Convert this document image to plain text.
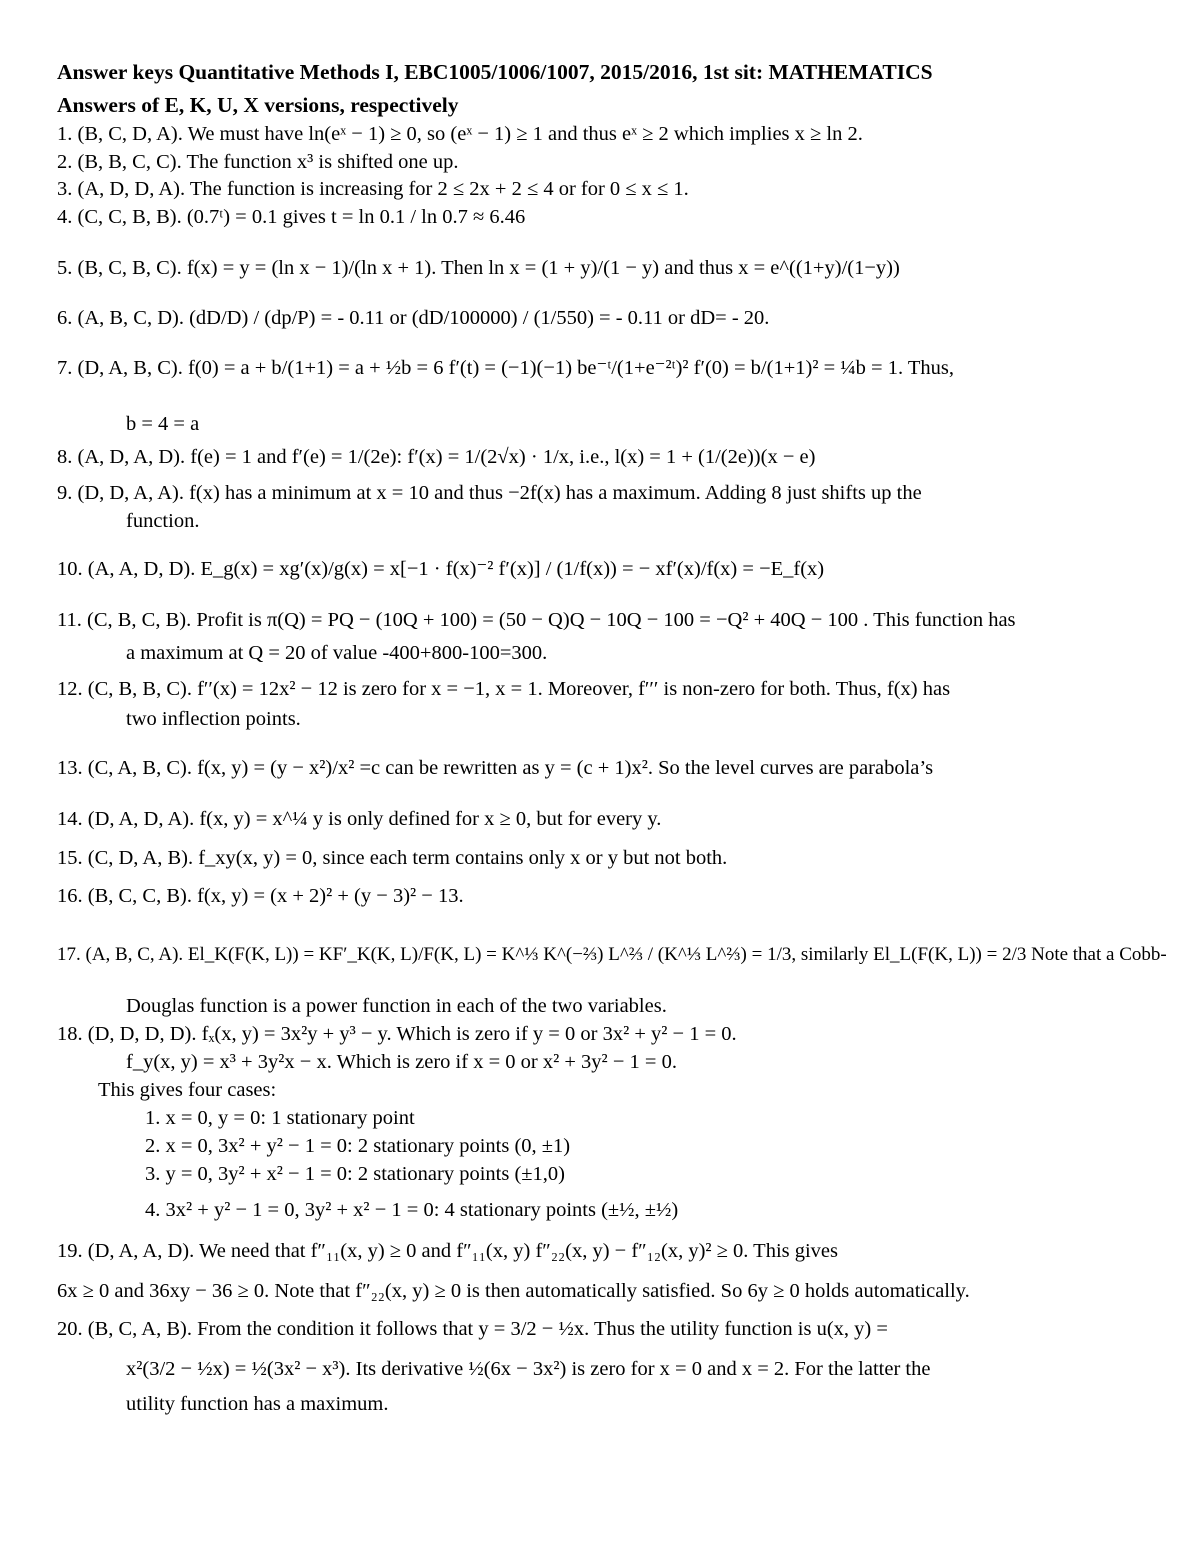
Answer keys Quantitative Methods I, EBC1005/1006/1007, 2015/2016, 1st sit: MATHEMATICS
Answers of E, K, U, X versions, respectively
1. (B, C, D, A). We must have ln(eˣ − 1) ≥ 0, so (eˣ − 1) ≥ 1 and thus eˣ ≥ 2 which implies x ≥ ln 2.
2. (B, B, C, C). The function x³ is shifted one up.
3. (A, D, D, A). The function is increasing for 2 ≤ 2x + 2 ≤ 4 or for 0 ≤ x ≤ 1.
4. (C, C, B, B). (0.7ᵗ) = 0.1 gives t = ln 0.1 / ln 0.7 ≈ 6.46
5. (B, C, B, C). f(x) = y = (ln x − 1)/(ln x + 1). Then ln x = (1 + y)/(1 − y) and thus x = e^((1+y)/(1−y))
6. (A, B, C, D). (dD/D) / (dp/P) = - 0.11 or (dD/100000) / (1/550) = - 0.11 or dD= - 20.
7. (D, A, B, C). f(0) = a + b/(1+1) = a + ½b = 6 f′(t) = (−1)(−1) be⁻ᵗ/(1+e⁻²ᵗ)² f′(0) = b/(1+1)² = ¼b = 1. Thus,
b = 4 = a
8. (A, D, A, D). f(e) = 1 and f′(e) = 1/(2e): f′(x) = 1/(2√x) · 1/x, i.e., l(x) = 1 + (1/(2e))(x − e)
9. (D, D, A, A). f(x) has a minimum at x = 10 and thus −2f(x) has a maximum. Adding 8 just shifts up the
function.
10. (A, A, D, D). E_g(x) = xg′(x)/g(x) = x[−1 · f(x)⁻² f′(x)] / (1/f(x)) = − xf′(x)/f(x) = −E_f(x)
11. (C, B, C, B). Profit is π(Q) = PQ − (10Q + 100) = (50 − Q)Q − 10Q − 100 = −Q² + 40Q − 100 . This function has
a maximum at Q = 20 of value -400+800-100=300.
12. (C, B, B, C). f′′(x) = 12x² − 12 is zero for x = −1, x = 1. Moreover, f′′′ is non-zero for both. Thus, f(x) has
two inflection points.
13. (C, A, B, C). f(x, y) = (y − x²)/x² =c can be rewritten as y = (c + 1)x². So the level curves are parabola’s
14. (D, A, D, A). f(x, y) = x^¼ y is only defined for x ≥ 0, but for every y.
15. (C, D, A, B). f_xy(x, y) = 0, since each term contains only x or y but not both.
16. (B, C, C, B). f(x, y) = (x + 2)² + (y − 3)² − 13.
17. (A, B, C, A). El_K(F(K, L)) = KF′_K(K, L)/F(K, L) = K^⅓ K^(−⅔) L^⅔ / (K^⅓ L^⅔) = 1/3, similarly El_L(F(K, L)) = 2/3 Note that a Cobb-
Douglas function is a power function in each of the two variables.
18. (D, D, D, D). fₓ(x, y) = 3x²y + y³ − y. Which is zero if y = 0 or 3x² + y² − 1 = 0.
f_y(x, y) = x³ + 3y²x − x. Which is zero if x = 0 or x² + 3y² − 1 = 0.
This gives four cases:
1. x = 0, y = 0: 1 stationary point
2. x = 0, 3x² + y² − 1 = 0: 2 stationary points (0, ±1)
3. y = 0, 3y² + x² − 1 = 0: 2 stationary points (±1,0)
4. 3x² + y² − 1 = 0, 3y² + x² − 1 = 0: 4 stationary points (±½, ±½)
19. (D, A, A, D). We need that f″₁₁(x, y) ≥ 0 and f″₁₁(x, y) f″₂₂(x, y) − f″₁₂(x, y)² ≥ 0. This gives
6x ≥ 0 and 36xy − 36 ≥ 0. Note that f″₂₂(x, y) ≥ 0 is then automatically satisfied. So 6y ≥ 0 holds automatically.
20. (B, C, A, B). From the condition it follows that y = 3/2 − ½x. Thus the utility function is u(x, y) =
x²(3/2 − ½x) = ½(3x² − x³). Its derivative ½(6x − 3x²) is zero for x = 0 and x = 2. For the latter the
utility function has a maximum.
